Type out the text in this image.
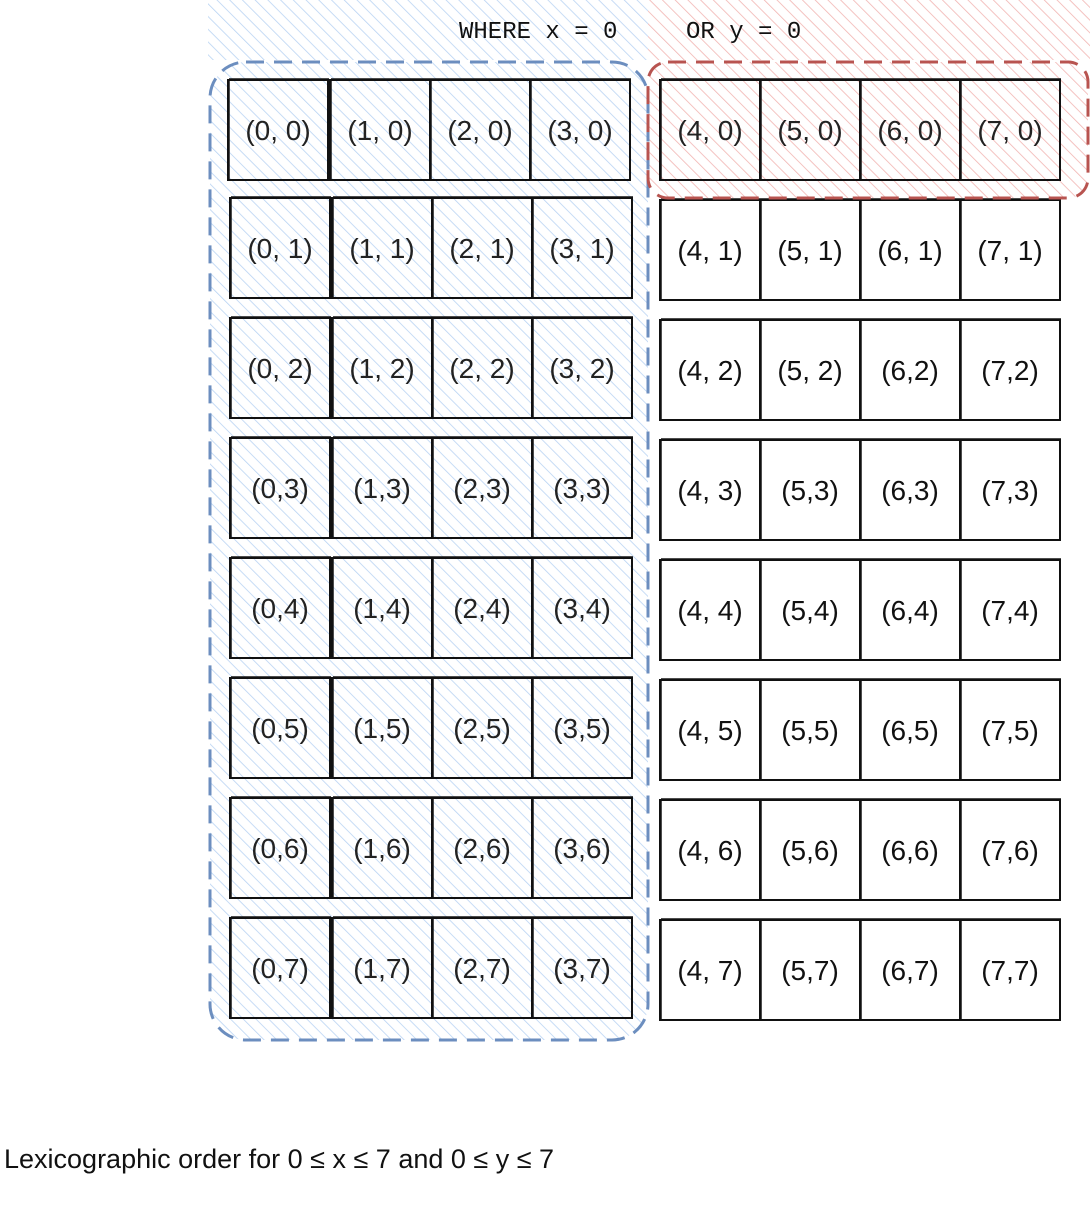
WHERE x = 0	OR y = 0
(0, 0) (1, 0) (2, 0) (3, 0) (4, 0) (5, 0) (6, 0) (7, 0)
(0, 1) (1, 1) (2, 1) (3, 1) (4, 1) (5, 1) (6, 1) (7, 1)
(0, 2) (1, 2) (2, 2) (3, 2) (4, 2) (5, 2) (6,2) (7,2)
(0,3) (1,3) (2,3) (3,3) (4, 3) (5,3) (6,3) (7,3)
(0,4) (1,4) (2,4) (3,4) (4, 4) (5,4) (6,4) (7,4)
(0,5) (1,5) (2,5) (3,5) (4, 5) (5,5) (6,5) (7,5)
(0,6) (1,6) (2,6) (3,6) (4, 6) (5,6) (6,6) (7,6)
(0,7) (1,7) (2,7) (3,7) (4, 7) (5,7) (6,7) (7,7)
Lexicographic order for 0 ≤ x ≤ 7 and 0 ≤ y ≤ 7
